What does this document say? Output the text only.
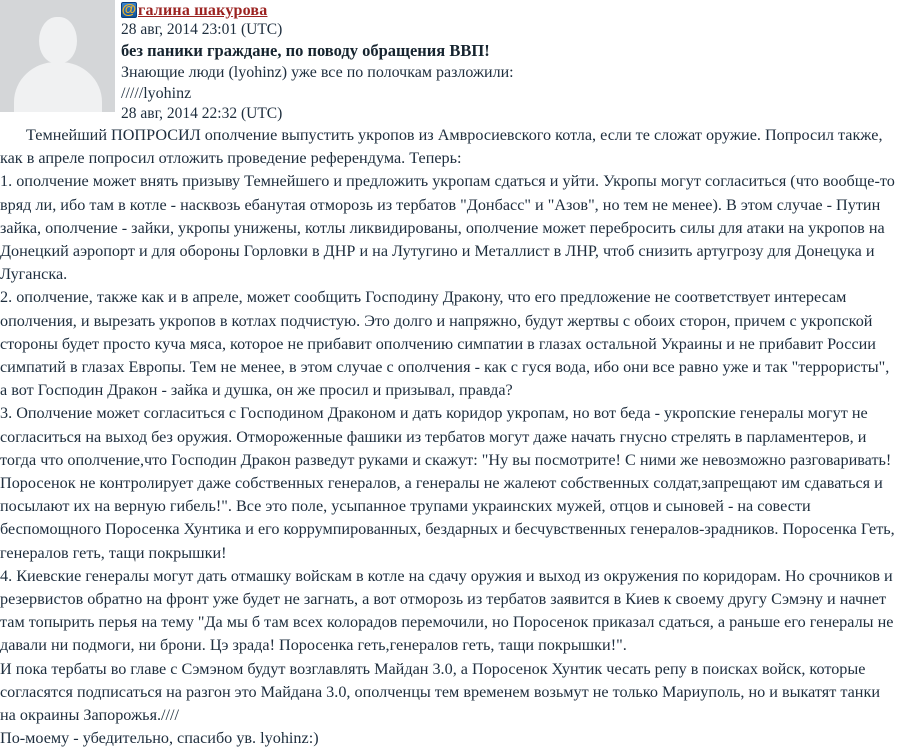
@галина шакурова
28 авг, 2014 23:01 (UTC)
без паники граждане, по поводу обращения ВВП!
Знающие люди (lyohinz) уже все по полочкам разложили:
/////lyohinz
28 авг, 2014 22:32 (UTC)

Темнейший ПОПРОСИЛ ополчение выпустить укропов из Амвросиевского котла, если те сложат оружие. Попросил также, как в апреле попросил отложить проведение референдума. Теперь:

1. ополчение может внять призыву Темнейшего и предложить укропам сдаться и уйти. Укропы могут согласиться (что вообще-то вряд ли, ибо там в котле - насквозь ебанутая отморозь из тербатов "Донбасс" и "Азов", но тем не менее). В этом случае - Путин зайка, ополчение - зайки, укропы унижены, котлы ликвидированы, ополчение может перебросить силы для атаки на укропов на Донецкий аэропорт и для обороны Горловки в ДНР и на Лутугино и Металлист в ЛНР, чтоб снизить артугрозу для Донецука и Луганска.

2. ополчение, также как и в апреле, может сообщить Господину Дракону, что его предложение не соответствует интересам ополчения, и вырезать укропов в котлах подчистую. Это долго и напряжно, будут жертвы с обоих сторон, причем с укропской стороны будет просто куча мяса, которое не прибавит ополчению симпатии в глазах остальной Украины и не прибавит России симпатий в глазах Европы. Тем не менее, в этом случае с ополчения - как с гуся вода, ибо они все равно уже и так "террористы", а вот Господин Дракон - зайка и душка, он же просил и призывал, правда?

3. Ополчение может согласиться с Господином Драконом и дать коридор укропам, но вот беда - укропские генералы могут не согласиться на выход без оружия. Отмороженные фашики из тербатов могут даже начать гнусно стрелять в парламентеров, и тогда что ополчение,что Господин Дракон разведут руками и скажут: "Ну вы посмотрите! С ними же невозможно разговаривать! Поросенок не контролирует даже собственных генералов, а генералы не жалеют собственных солдат,запрещают им сдаваться и посылают их на верную гибель!". Все это поле, усыпанное трупами украинских мужей, отцов и сыновей - на совести беспомощного Поросенка Хунтика и его коррумпированных, бездарных и бесчувственных генералов-зрадников. Поросенка Геть, генералов геть, тащи покрышки!

4. Киевские генералы могут дать отмашку войскам в котле на сдачу оружия и выход из окружения по коридорам. Но срочников и резервистов обратно на фронт уже будет не загнать, а вот отморозь из тербатов заявится в Киев к своему другу Сэмэну и начнет там топырить перья на тему "Да мы б там всех колорадов перемочили, но Поросенок приказал сдаться, а раньше его генералы не давали ни подмоги, ни брони. Цэ зрада! Поросенка геть,генералов геть, тащи покрышки!".

И пока тербаты во главе с Сэмэном будут возглавлять Майдан 3.0, а Поросенок Хунтик чесать репу в поисках войск, которые согласятся подписаться на разгон это Майдана 3.0, ополченцы тем временем возьмут не только Мариуполь, но и выкатят танки на окраины Запорожья.////

По-моему - убедительно, спасибо ув. lyohinz:)
